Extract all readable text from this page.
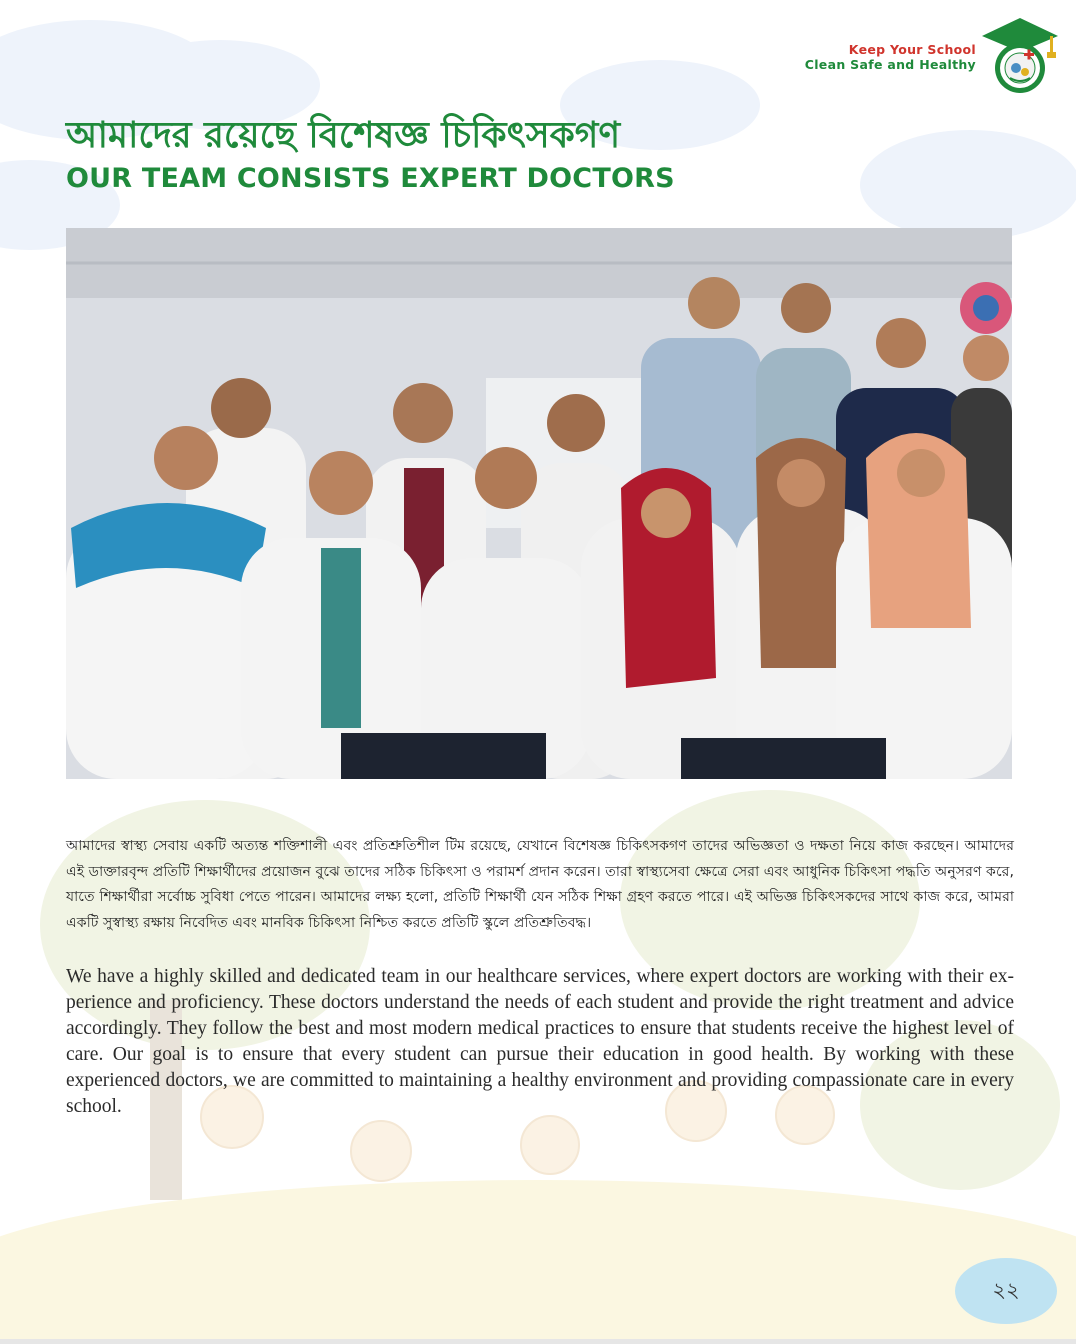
Keep Your School
Clean Safe and Healthy
আমাদের রয়েছে বিশেষজ্ঞ চিকিৎসকগণ
OUR TEAM CONSISTS EXPERT DOCTORS
আমাদের স্বাস্থ্য সেবায় একটি অত্যন্ত শক্তিশালী এবং প্রতিশ্রুতিশীল টিম রয়েছে, যেখানে বিশেষজ্ঞ চিকিৎসকগণ তাদের অভিজ্ঞতা ও দক্ষতা নিয়ে কাজ করছেন। আমাদের এই ডাক্তারবৃন্দ প্রতিটি শিক্ষার্থীদের প্রয়োজন বুঝে তাদের সঠিক চিকিৎসা ও পরামর্শ প্রদান করেন। তারা স্বাস্থ্যসেবা ক্ষেত্রে সেরা এবং আধুনিক চিকিৎসা পদ্ধতি অনুসরণ করে, যাতে শিক্ষার্থীরা সর্বোচ্চ সুবিধা পেতে পারেন। আমাদের লক্ষ্য হলো, প্রতিটি শিক্ষার্থী যেন সঠিক শিক্ষা গ্রহণ করতে পারে। এই অভিজ্ঞ চিকিৎসকদের সাথে কাজ করে, আমরা একটি সুস্বাস্থ্য রক্ষায় নিবেদিত এবং মানবিক চিকিৎসা নিশ্চিত করতে প্রতিটি স্কুলে প্রতিশ্রুতিবদ্ধ।
We have a highly skilled and dedicated team in our healthcare services, where expert doctors are working with their ex-perience and proficiency. These doctors understand the needs of each student and provide the right treatment and advice accordingly. They follow the best and most modern medical practices to ensure that students receive the highest level of care. Our goal is to ensure that every student can pursue their education in good health. By working with these experienced doctors, we are committed to maintaining a healthy environment and providing compassionate care in every school.
২২
